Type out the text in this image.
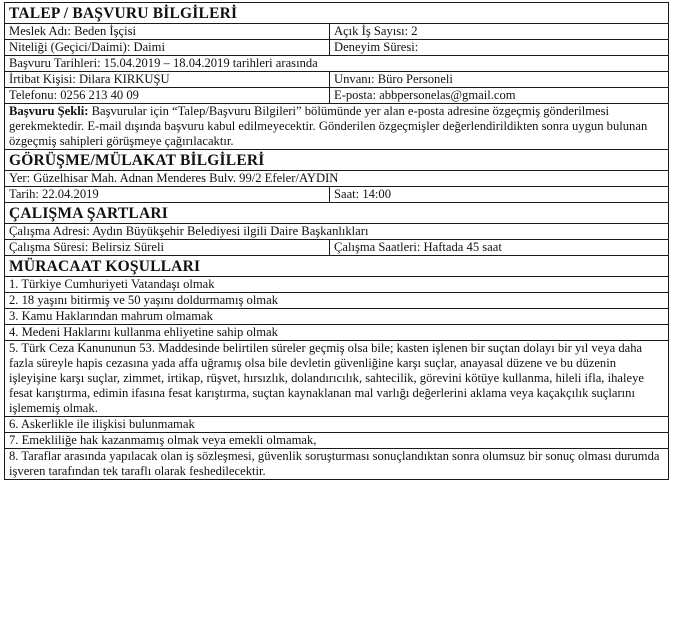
TALEP / BAŞVURU BİLGİLERİ	
Meslek Adı: Beden İşçisi	Açık İş Sayısı: 2
Niteliği (Geçici/Daimi): Daimi	Deneyim Süresi:
Başvuru Tarihleri: 15.04.2019 – 18.04.2019 tarihleri arasında	
İrtibat Kişisi: Dilara KIRKUŞU	Unvanı: Büro Personeli
Telefonu: 0256 213 40 09	E-posta: abbpersonelas@gmail.com
Başvuru Şekli: Başvurular için “Talep/Başvuru Bilgileri” bölümünde yer alan e-posta adresine özgeçmiş gönderilmesi gerekmektedir. E-mail dışında başvuru kabul edilmeyecektir. Gönderilen özgeçmişler değerlendirildikten sonra uygun bulunan özgeçmiş sahipleri görüşmeye çağırılacaktır.	
GÖRÜŞME/MÜLAKAT BİLGİLERİ
Yer: Güzelhisar Mah. Adnan Menderes Bulv. 99/2 Efeler/AYDIN
Tarih: 22.04.2019	Saat: 14:00
ÇALIŞMA ŞARTLARI
Çalışma Adresi: Aydın Büyükşehir Belediyesi ilgili Daire Başkanlıkları
Çalışma Süresi: Belirsiz Süreli	Çalışma Saatleri: Haftada 45 saat
MÜRACAAT KOŞULLARI
1. Türkiye Cumhuriyeti Vatandaşı olmak
2. 18 yaşını bitirmiş ve 50 yaşını doldurmamış olmak
3. Kamu Haklarından mahrum olmamak
4. Medeni Haklarını kullanma ehliyetine sahip olmak
5. Türk Ceza Kanununun 53. Maddesinde belirtilen süreler geçmiş olsa bile; kasten işlenen bir suçtan dolayı bir yıl veya daha fazla süreyle hapis cezasına yada affa uğramış olsa bile devletin güvenliğine karşı suçlar, anayasal düzene ve bu düzenin işleyişine karşı suçlar, zimmet, irtikap, rüşvet, hırsızlık, dolandırıcılık, sahtecilik, görevini kötüye kullanma, hileli ifla, ihaleye fesat karıştırma, edimin ifasına fesat karıştırma, suçtan kaynaklanan mal varlığı değerlerini aklama veya kaçakçılık suçlarını işlememiş olmak.
6. Askerlikle ile ilişkisi bulunmamak
7. Emekliliğe hak kazanmamış olmak veya emekli olmamak,
8. Taraflar arasında yapılacak olan iş sözleşmesi, güvenlik soruşturması sonuçlandıktan sonra olumsuz bir sonuç olması durumda işveren tarafından tek taraflı olarak feshedilecektir.
